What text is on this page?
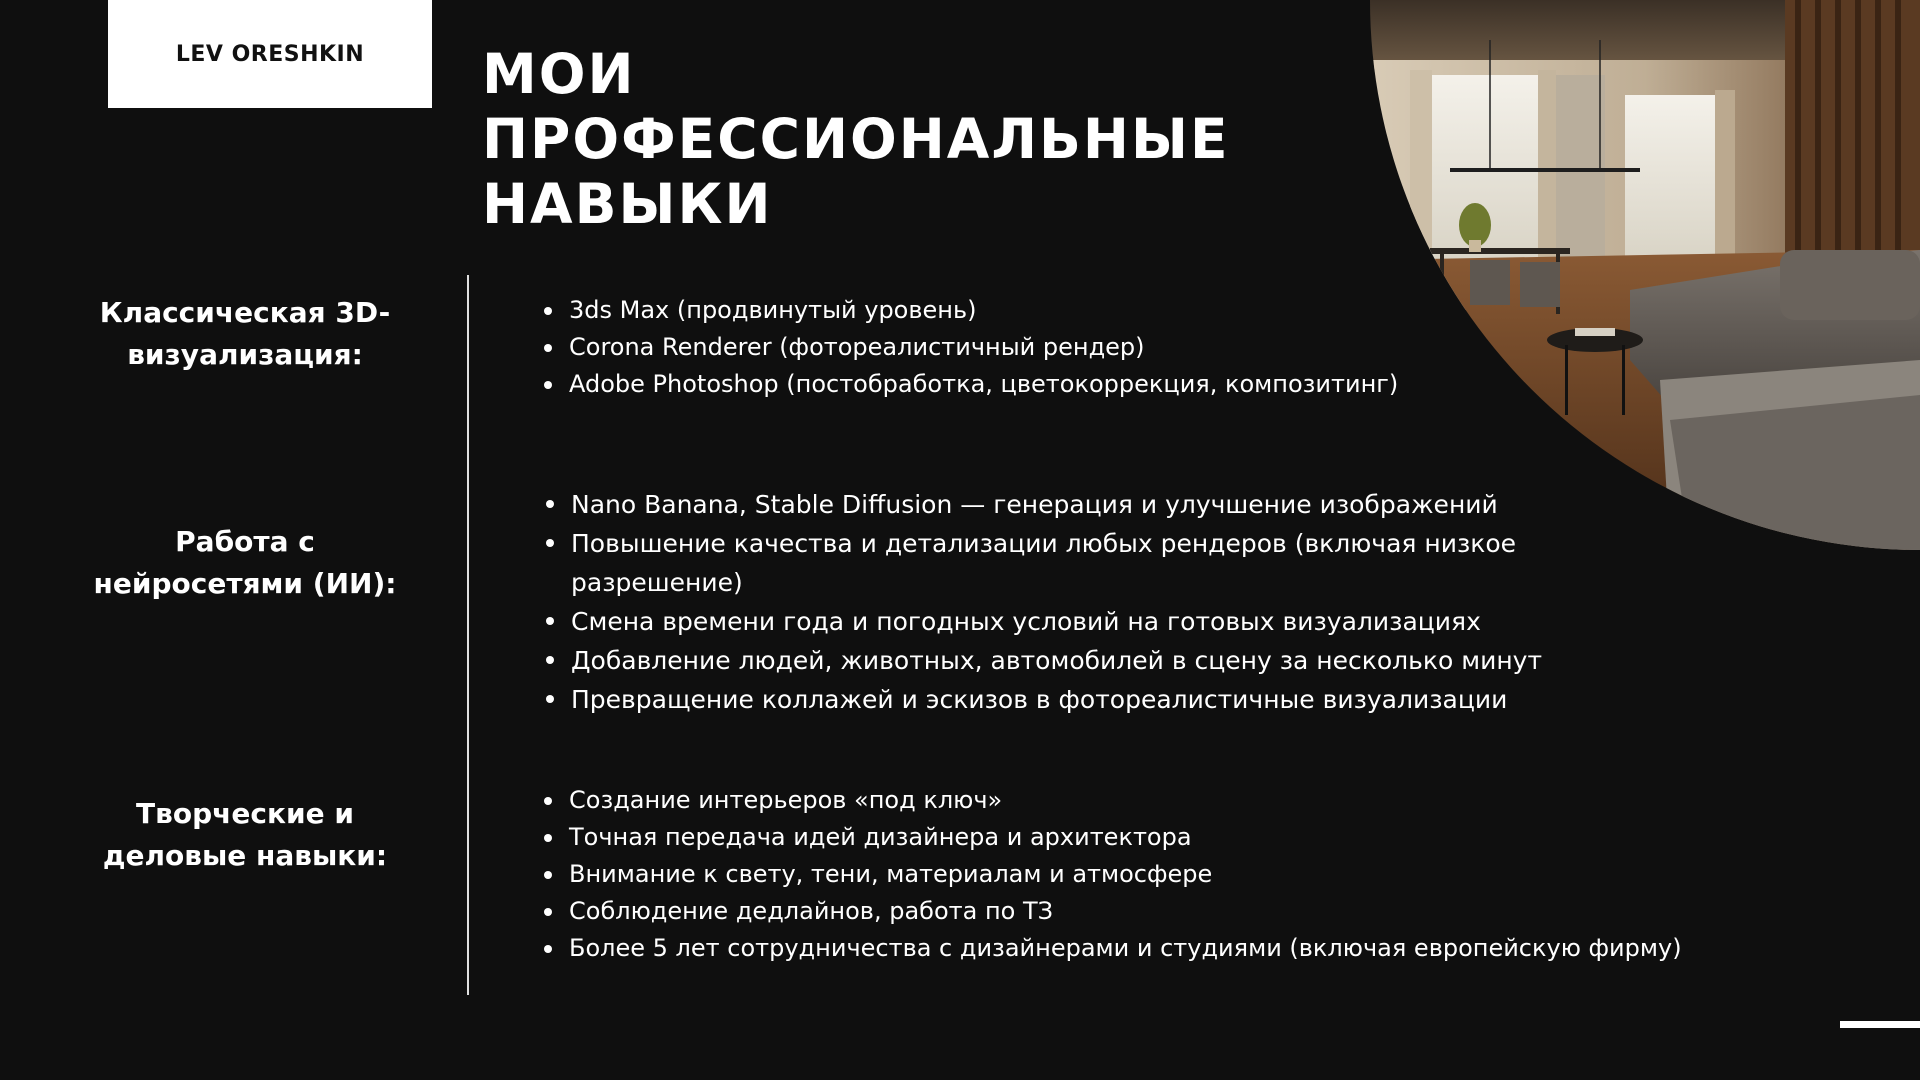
LEV ORESHKIN МОИ ПРОФЕССИОНАЛЬНЫЕ НАВЫКИ
Классическая 3D-визуализация:
Работа с нейросетями (ИИ):
Творческие и деловые навыки:
3ds Max (продвинутый уровень)
Corona Renderer (фотореалистичный рендер)
Adobe Photoshop (постобработка, цветокоррекция, композитинг)
Nano Banana, Stable Diffusion — генерация и улучшение изображений
Повышение качества и детализации любых рендеров (включая низкое разрешение)
Смена времени года и погодных условий на готовых визуализациях
Добавление людей, животных, автомобилей в сцену за несколько минут
Превращение коллажей и эскизов в фотореалистичные визуализации
Создание интерьеров «под ключ»
Точная передача идей дизайнера и архитектора
Внимание к свету, тени, материалам и атмосфере
Соблюдение дедлайнов, работа по ТЗ
Более 5 лет сотрудничества с дизайнерами и студиями (включая европейскую фирму)
